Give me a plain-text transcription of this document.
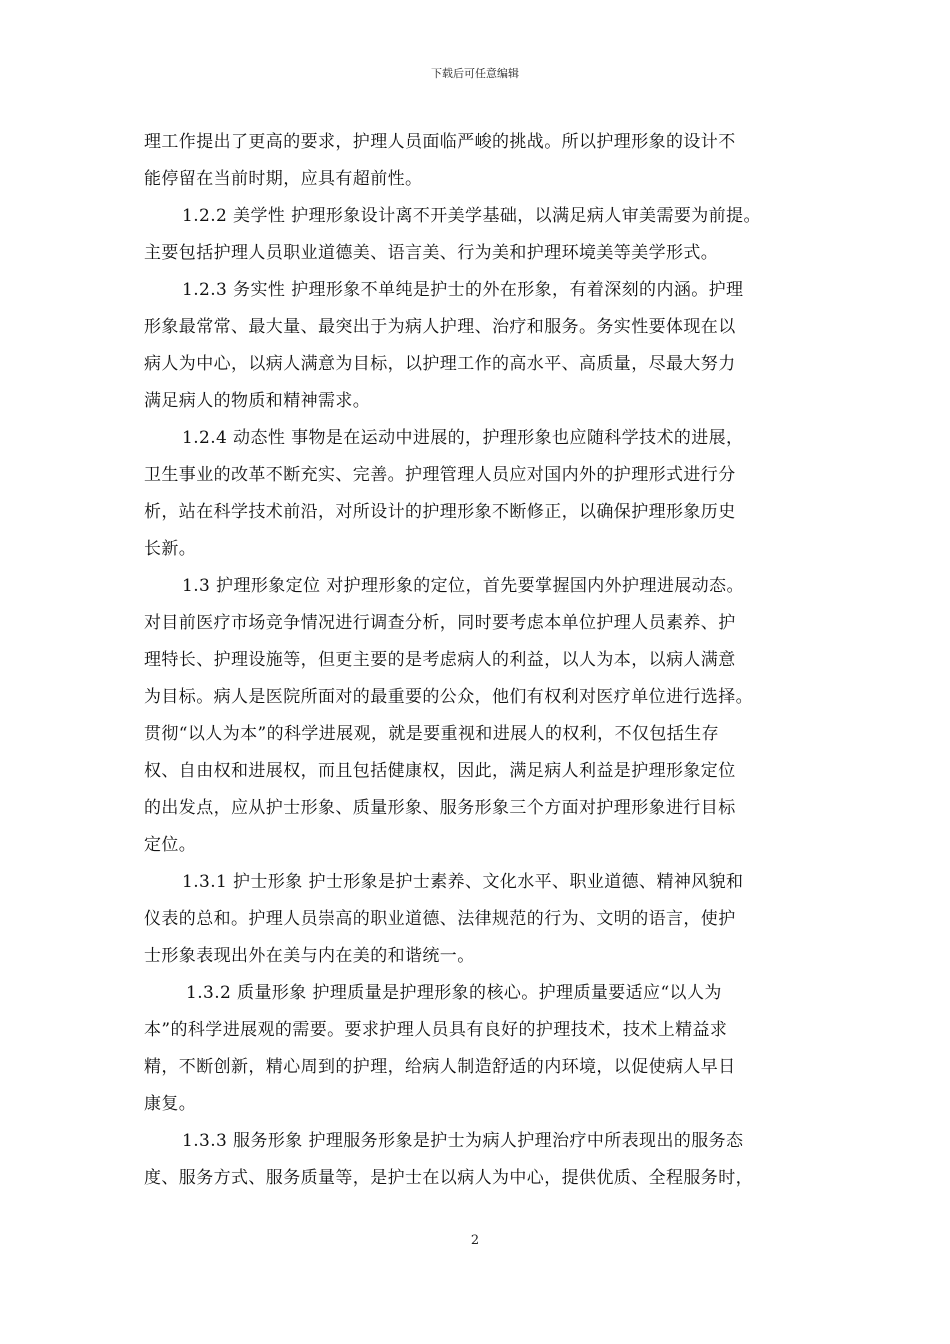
下载后可任意编辑
理工作提出了更高的要求，护理人员面临严峻的挑战。所以护理形象的设计不
能停留在当前时期，应具有超前性。
1.2.2 美学性 护理形象设计离不开美学基础，以满足病人审美需要为前提。
主要包括护理人员职业道德美、语言美、行为美和护理环境美等美学形式。
1.2.3 务实性 护理形象不单纯是护士的外在形象，有着深刻的内涵。护理
形象最常常、最大量、最突出于为病人护理、治疗和服务。务实性要体现在以
病人为中心，以病人满意为目标，以护理工作的高水平、高质量，尽最大努力
满足病人的物质和精神需求。
1.2.4 动态性 事物是在运动中进展的，护理形象也应随科学技术的进展，
卫生事业的改革不断充实、完善。护理管理人员应对国内外的护理形式进行分
析，站在科学技术前沿，对所设计的护理形象不断修正，以确保护理形象历史
长新。
1.3 护理形象定位 对护理形象的定位，首先要掌握国内外护理进展动态。
对目前医疗市场竞争情况进行调查分析，同时要考虑本单位护理人员素养、护
理特长、护理设施等，但更主要的是考虑病人的利益，以人为本，以病人满意
为目标。病人是医院所面对的最重要的公众，他们有权利对医疗单位进行选择。
贯彻“以人为本”的科学进展观，就是要重视和进展人的权利，不仅包括生存
权、自由权和进展权，而且包括健康权，因此，满足病人利益是护理形象定位
的出发点，应从护士形象、质量形象、服务形象三个方面对护理形象进行目标
定位。
1.3.1 护士形象 护士形象是护士素养、文化水平、职业道德、精神风貌和
仪表的总和。护理人员崇高的职业道德、法律规范的行为、文明的语言，使护
士形象表现出外在美与内在美的和谐统一。
1.3.2 质量形象 护理质量是护理形象的核心。护理质量要适应“以人为
本”的科学进展观的需要。要求护理人员具有良好的护理技术，技术上精益求
精，不断创新，精心周到的护理，给病人制造舒适的内环境，以促使病人早日
康复。
1.3.3 服务形象 护理服务形象是护士为病人护理治疗中所表现出的服务态
度、服务方式、服务质量等，是护士在以病人为中心，提供优质、全程服务时，
2
